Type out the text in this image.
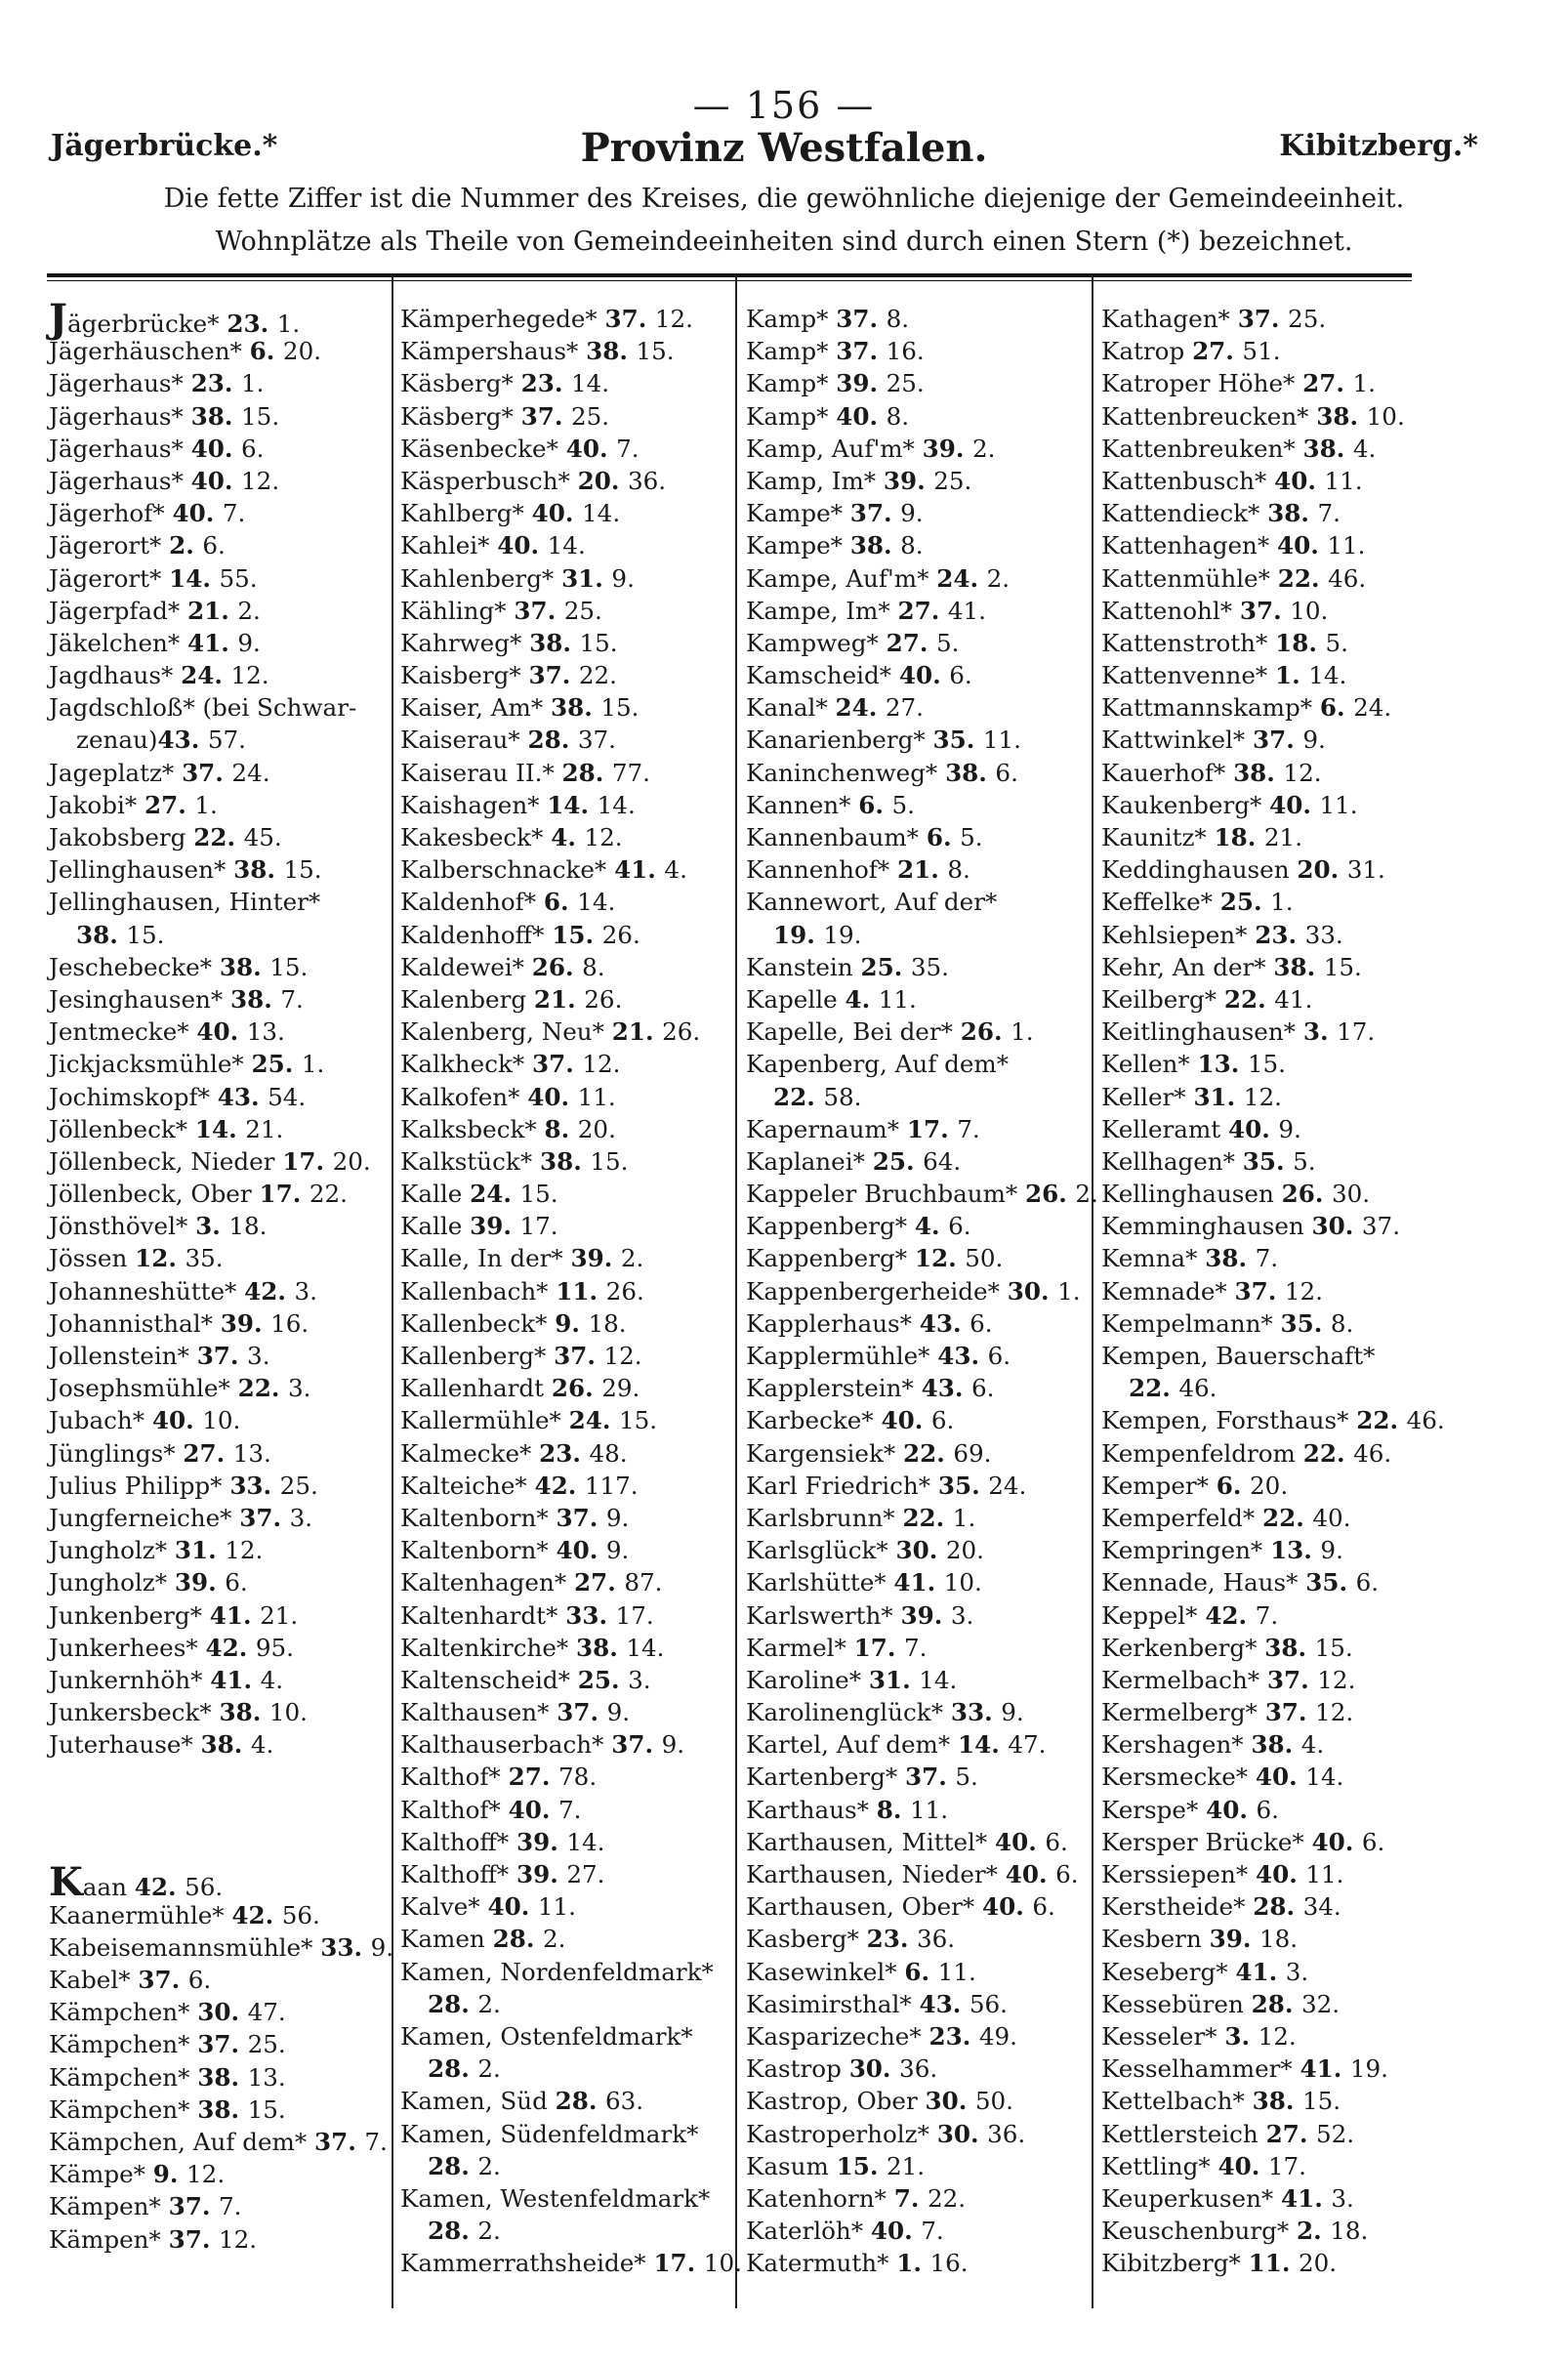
— 156 —
Jägerbrücke.*	Provinz Westfalen.	Kibitzberg.*
Die fette Ziffer ist die Nummer des Kreises, die gewöhnliche diejenige der Gemeindeeinheit.
Wohnplätze als Theile von Gemeindeeinheiten sind durch einen Stern (*) bezeichnet.
Jägerbrücke* 23 . 1.
Jägerhäuschen* 6 . 20.
Jägerhaus* 23 . 1.
Jägerhaus* 38 . 15.
Jägerhaus* 40 . 6.
Jägerhaus* 40 . 12.
Jägerhof* 40 . 7.
Jägerort* 2 . 6.
Jägerort* 14 . 55.
Jägerpfad* 21 . 2.
Jäkelchen* 41 . 9.
Jagdhaus* 24 . 12.
Jagdschloß* (bei Schwar-
zenau)43 . 57.
Jageplatz* 37 . 24.
Jakobi* 27 . 1.
Jakobsberg 22 . 45.
Jellinghausen* 38 . 15.
Jellinghausen, Hinter*
38 . 15.
Jeschebecke* 38 . 15.
Jesinghausen* 38 . 7.
Jentmecke* 40 . 13.
Jickjacksmühle* 25 . 1.
Jochimskopf* 43 . 54.
Jöllenbeck* 14 . 21.
Jöllenbeck, Nieder 17 . 20.
Jöllenbeck, Ober 17 . 22.
Jönsthövel* 3 . 18.
Jössen 12 . 35.
Johanneshütte* 42 . 3.
Johannisthal* 39 . 16.
Jollenstein* 37 . 3.
Josephsmühle* 22 . 3.
Jubach* 40 . 10.
Jünglings* 27 . 13.
Julius Philipp* 33 . 25.
Jungferneiche* 37 . 3.
Jungholz* 31 . 12.
Jungholz* 39 . 6.
Junkenberg* 41 . 21.
Junkerhees* 42 . 95.
Junkernhöh* 41 . 4.
Junkersbeck* 38 . 10.
Juterhause* 38 . 4.
Kaan 42 . 56.
Kaanermühle* 42 . 56.
Kabeisemannsmühle* 33 . 9.
Kabel* 37 . 6.
Kämpchen* 30 . 47.
Kämpchen* 37 . 25.
Kämpchen* 38 . 13.
Kämpchen* 38 . 15.
Kämpchen, Auf dem* 37 . 7.
Kämpe* 9 . 12.
Kämpen* 37 . 7.
Kämpen* 37 . 12.
Kämperhegede* 37 . 12.
Kämpershaus* 38 . 15.
Käsberg* 23 . 14.
Käsberg* 37 . 25.
Käsenbecke* 40 . 7.
Käsperbusch* 20 . 36.
Kahlberg* 40 . 14.
Kahlei* 40 . 14.
Kahlenberg* 31 . 9.
Kähling* 37 . 25.
Kahrweg* 38 . 15.
Kaisberg* 37 . 22.
Kaiser, Am* 38 . 15.
Kaiserau* 28 . 37.
Kaiserau II.* 28 . 77.
Kaishagen* 14 . 14.
Kakesbeck* 4 . 12.
Kalberschnacke* 41 . 4.
Kaldenhof* 6 . 14.
Kaldenhoff* 15 . 26.
Kaldewei* 26 . 8.
Kalenberg 21 . 26.
Kalenberg, Neu* 21 . 26.
Kalkheck* 37 . 12.
Kalkofen* 40 . 11.
Kalksbeck* 8 . 20.
Kalkstück* 38 . 15.
Kalle 24 . 15.
Kalle 39 . 17.
Kalle, In der* 39 . 2.
Kallenbach* 11 . 26.
Kallenbeck* 9 . 18.
Kallenberg* 37 . 12.
Kallenhardt 26 . 29.
Kallermühle* 24 . 15.
Kalmecke* 23 . 48.
Kalteiche* 42 . 117.
Kaltenborn* 37 . 9.
Kaltenborn* 40 . 9.
Kaltenhagen* 27 . 87.
Kaltenhardt* 33 . 17.
Kaltenkirche* 38 . 14.
Kaltenscheid* 25 . 3.
Kalthausen* 37 . 9.
Kalthauserbach* 37 . 9.
Kalthof* 27 . 78.
Kalthof* 40 . 7.
Kalthoff* 39 . 14.
Kalthoff* 39 . 27.
Kalve* 40 . 11.
Kamen 28 . 2.
Kamen, Nordenfeldmark*
28 . 2.
Kamen, Ostenfeldmark*
28 . 2.
Kamen, Süd 28 . 63.
Kamen, Südenfeldmark*
28 . 2.
Kamen, Westenfeldmark*
28 . 2.
Kammerrathsheide* 17 . 10.
Kamp* 37 . 8.
Kamp* 37 . 16.
Kamp* 39 . 25.
Kamp* 40 . 8.
Kamp, Auf'm* 39 . 2.
Kamp, Im* 39 . 25.
Kampe* 37 . 9.
Kampe* 38 . 8.
Kampe, Auf'm* 24 . 2.
Kampe, Im* 27 . 41.
Kampweg* 27 . 5.
Kamscheid* 40 . 6.
Kanal* 24 . 27.
Kanarienberg* 35 . 11.
Kaninchenweg* 38 . 6.
Kannen* 6 . 5.
Kannenbaum* 6 . 5.
Kannenhof* 21 . 8.
Kannewort, Auf der*
19 . 19.
Kanstein 25 . 35.
Kapelle 4 . 11.
Kapelle, Bei der* 26 . 1.
Kapenberg, Auf dem*
22 . 58.
Kapernaum* 17 . 7.
Kaplanei* 25 . 64.
Kappeler Bruchbaum* 26 . 2.
Kappenberg* 4 . 6.
Kappenberg* 12 . 50.
Kappenbergerheide* 30 . 1.
Kapplerhaus* 43 . 6.
Kapplermühle* 43 . 6.
Kapplerstein* 43 . 6.
Karbecke* 40 . 6.
Kargensiek* 22 . 69.
Karl Friedrich* 35 . 24.
Karlsbrunn* 22 . 1.
Karlsglück* 30 . 20.
Karlshütte* 41 . 10.
Karlswerth* 39 . 3.
Karmel* 17 . 7.
Karoline* 31 . 14.
Karolinenglück* 33 . 9.
Kartel, Auf dem* 14 . 47.
Kartenberg* 37 . 5.
Karthaus* 8 . 11.
Karthausen, Mittel* 40 . 6.
Karthausen, Nieder* 40 . 6.
Karthausen, Ober* 40 . 6.
Kasberg* 23 . 36.
Kasewinkel* 6 . 11.
Kasimirsthal* 43 . 56.
Kasparizeche* 23 . 49.
Kastrop 30 . 36.
Kastrop, Ober 30 . 50.
Kastroperholz* 30 . 36.
Kasum 15 . 21.
Katenhorn* 7 . 22.
Katerlöh* 40 . 7.
Katermuth* 1 . 16.
Kathagen* 37 . 25.
Katrop 27 . 51.
Katroper Höhe* 27 . 1.
Kattenbreucken* 38 . 10.
Kattenbreuken* 38 . 4.
Kattenbusch* 40 . 11.
Kattendieck* 38 . 7.
Kattenhagen* 40 . 11.
Kattenmühle* 22 . 46.
Kattenohl* 37 . 10.
Kattenstroth* 18 . 5.
Kattenvenne* 1 . 14.
Kattmannskamp* 6 . 24.
Kattwinkel* 37 . 9.
Kauerhof* 38 . 12.
Kaukenberg* 40 . 11.
Kaunitz* 18 . 21.
Keddinghausen 20 . 31.
Keffelke* 25 . 1.
Kehlsiepen* 23 . 33.
Kehr, An der* 38 . 15.
Keilberg* 22 . 41.
Keitlinghausen* 3 . 17.
Kellen* 13 . 15.
Keller* 31 . 12.
Kelleramt 40 . 9.
Kellhagen* 35 . 5.
Kellinghausen 26 . 30.
Kemminghausen 30 . 37.
Kemna* 38 . 7.
Kemnade* 37 . 12.
Kempelmann* 35 . 8.
Kempen, Bauerschaft*
22 . 46.
Kempen, Forsthaus* 22 . 46.
Kempenfeldrom 22 . 46.
Kemper* 6 . 20.
Kemperfeld* 22 . 40.
Kempringen* 13 . 9.
Kennade, Haus* 35 . 6.
Keppel* 42 . 7.
Kerkenberg* 38 . 15.
Kermelbach* 37 . 12.
Kermelberg* 37 . 12.
Kershagen* 38 . 4.
Kersmecke* 40 . 14.
Kerspe* 40 . 6.
Kersper Brücke* 40 . 6.
Kerssiepen* 40 . 11.
Kerstheide* 28 . 34.
Kesbern 39 . 18.
Keseberg* 41 . 3.
Kessebüren 28 . 32.
Kesseler* 3 . 12.
Kesselhammer* 41 . 19.
Kettelbach* 38 . 15.
Kettlersteich 27 . 52.
Kettling* 40 . 17.
Keuperkusen* 41 . 3.
Keuschenburg* 2 . 18.
Kibitzberg* 11 . 20.
